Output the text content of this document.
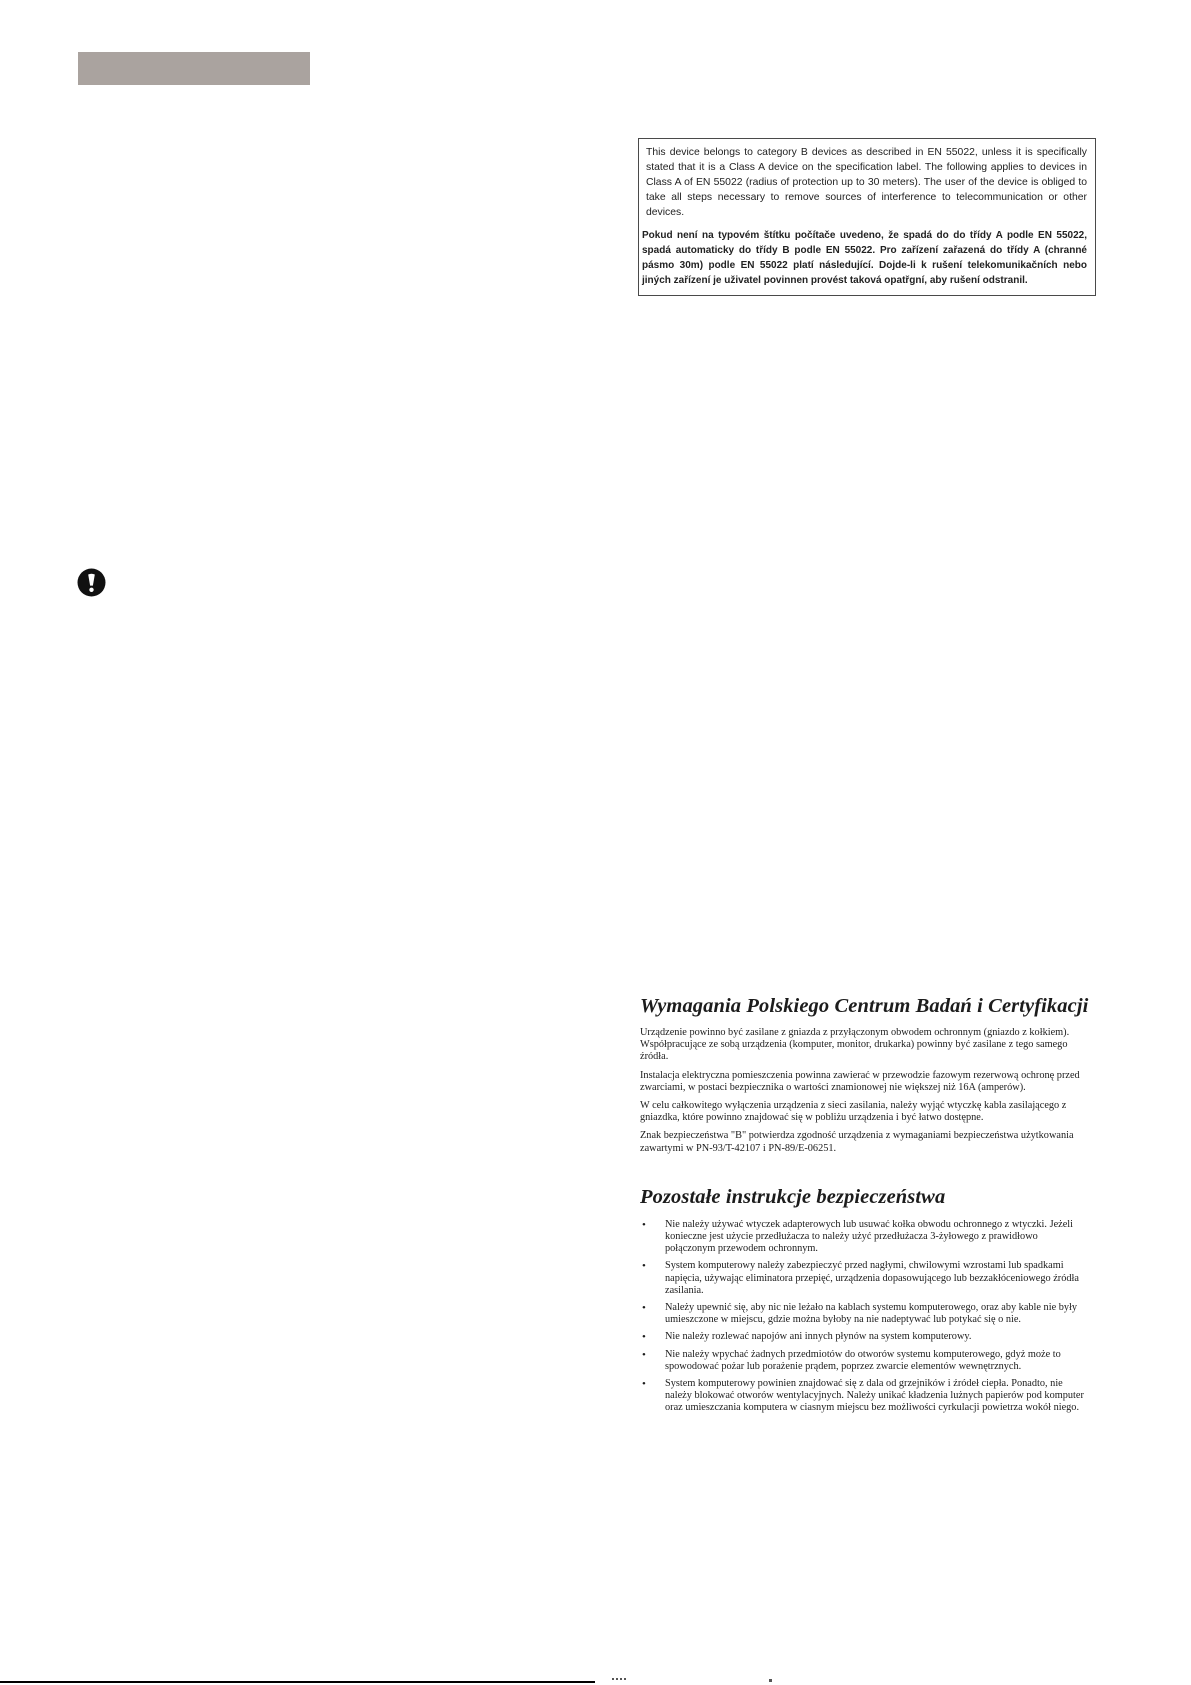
This device belongs to category B devices as described in EN 55022, unless it is specifically stated that it is a Class A device on the specification label. The following applies to devices in Class A of EN 55022 (radius of protection up to 30 meters). The user of the device is obliged to take all steps necessary to remove sources of interference to telecommunication or other devices.

Pokud není na typovém štítku počítače uvedeno, že spadá do do třídy A podle EN 55022, spadá automaticky do třídy B podle EN 55022. Pro zařízení zařazená do třídy A (chranné pásmo 30m) podle EN 55022 platí následující. Dojde-li k rušení telekomunikačních nebo jiných zařízení je uživatel povinnen provést taková opatřgní, aby rušení odstranil.

Wymagania Polskiego Centrum Badań i Certyfikacji

Urządzenie powinno być zasilane z gniazda z przyłączonym obwodem ochronnym (gniazdo z kołkiem). Współpracujące ze sobą urządzenia (komputer, monitor, drukarka) powinny być zasilane z tego samego źródła.

Instalacja elektryczna pomieszczenia powinna zawierać w przewodzie fazowym rezerwową ochronę przed zwarciami, w postaci bezpiecznika o wartości znamionowej nie większej niż 16A (amperów).

W celu całkowitego wyłączenia urządzenia z sieci zasilania, należy wyjąć wtyczkę kabla zasilającego z gniazdka, które powinno znajdować się w pobliżu urządzenia i być łatwo dostępne.

Znak bezpieczeństwa "B" potwierdza zgodność urządzenia z wymaganiami bezpieczeństwa użytkowania zawartymi w PN-93/T-42107 i PN-89/E-06251.

Pozostałe instrukcje bezpieczeństwa
• Nie należy używać wtyczek adapterowych lub usuwać kołka obwodu ochronnego z wtyczki. Jeżeli konieczne jest użycie przedłużacza to należy użyć przedłużacza 3-żyłowego z prawidłowo połączonym przewodem ochronnym.
• System komputerowy należy zabezpieczyć przed nagłymi, chwilowymi wzrostami lub spadkami napięcia, używając eliminatora przepięć, urządzenia dopasowującego lub bezzakłóceniowego źródła zasilania.
• Należy upewnić się, aby nic nie leżało na kablach systemu komputerowego, oraz aby kable nie były umieszczone w miejscu, gdzie można byłoby na nie nadeptywać lub potykać się o nie.
• Nie należy rozlewać napojów ani innych płynów na system komputerowy.
• Nie należy wpychać żadnych przedmiotów do otworów systemu komputerowego, gdyż może to spowodować pożar lub porażenie prądem, poprzez zwarcie elementów wewnętrznych.
• System komputerowy powinien znajdować się z dala od grzejników i źródeł ciepła. Ponadto, nie należy blokować otworów wentylacyjnych. Należy unikać kładzenia lużnych papierów pod komputer oraz umieszczania komputera w ciasnym miejscu bez możliwości cyrkulacji powietrza wokół niego.
